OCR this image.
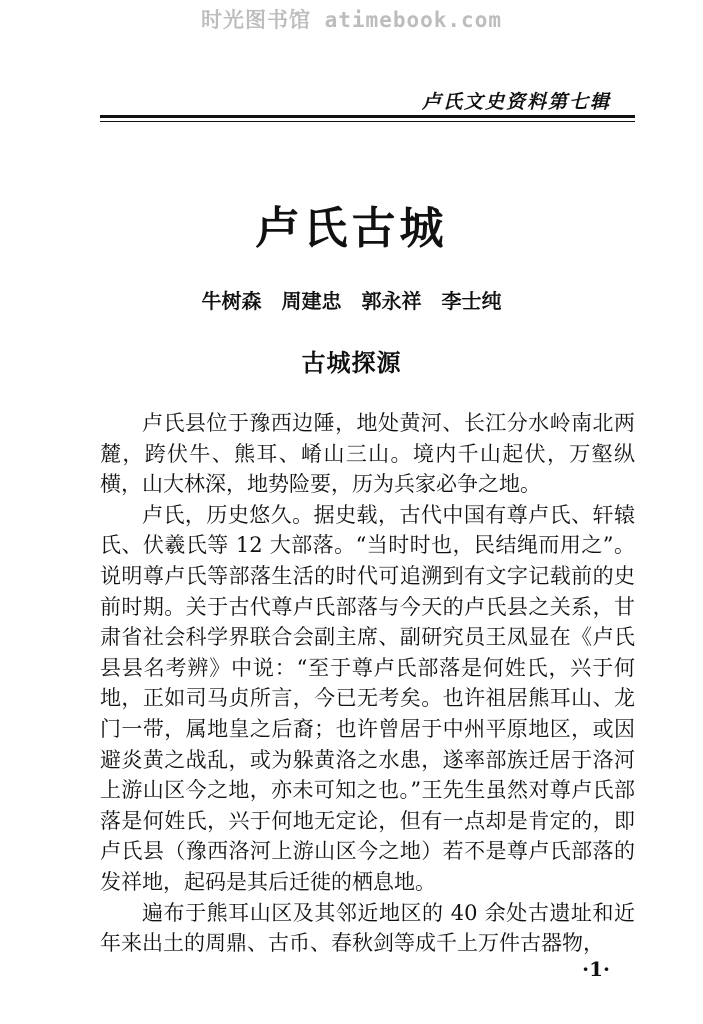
时光图书馆 atimebook.com
卢氏文史资料第七辑
卢氏古城
牛树森　周建忠　郭永祥　李士纯
古城探源

卢氏县位于豫西边陲，地处黄河、长江分水岭南北两麓，跨伏牛、熊耳、崤山三山。境内千山起伏，万壑纵横，山大林深，地势险要，历为兵家必争之地。

卢氏，历史悠久。据史载，古代中国有尊卢氏、轩辕氏、伏羲氏等 12 大部落。“当时时也，民结绳而用之”。说明尊卢氏等部落生活的时代可追溯到有文字记载前的史前时期。关于古代尊卢氏部落与今天的卢氏县之关系，甘肃省社会科学界联合会副主席、副研究员王凤显在《卢氏县县名考辨》中说：“至于尊卢氏部落是何姓氏，兴于何地，正如司马贞所言，今已无考矣。也许祖居熊耳山、龙门一带，属地皇之后裔；也许曾居于中州平原地区，或因避炎黄之战乱，或为躲黄洛之水患，遂率部族迁居于洛河上游山区今之地，亦未可知之也。”王先生虽然对尊卢氏部落是何姓氏，兴于何地无定论，但有一点却是肯定的，即卢氏县（豫西洛河上游山区今之地）若不是尊卢氏部落的发祥地，起码是其后迁徙的栖息地。

遍布于熊耳山区及其邻近地区的 40 余处古遗址和近年来出土的周鼎、古币、春秋剑等成千上万件古器物，

·1·
